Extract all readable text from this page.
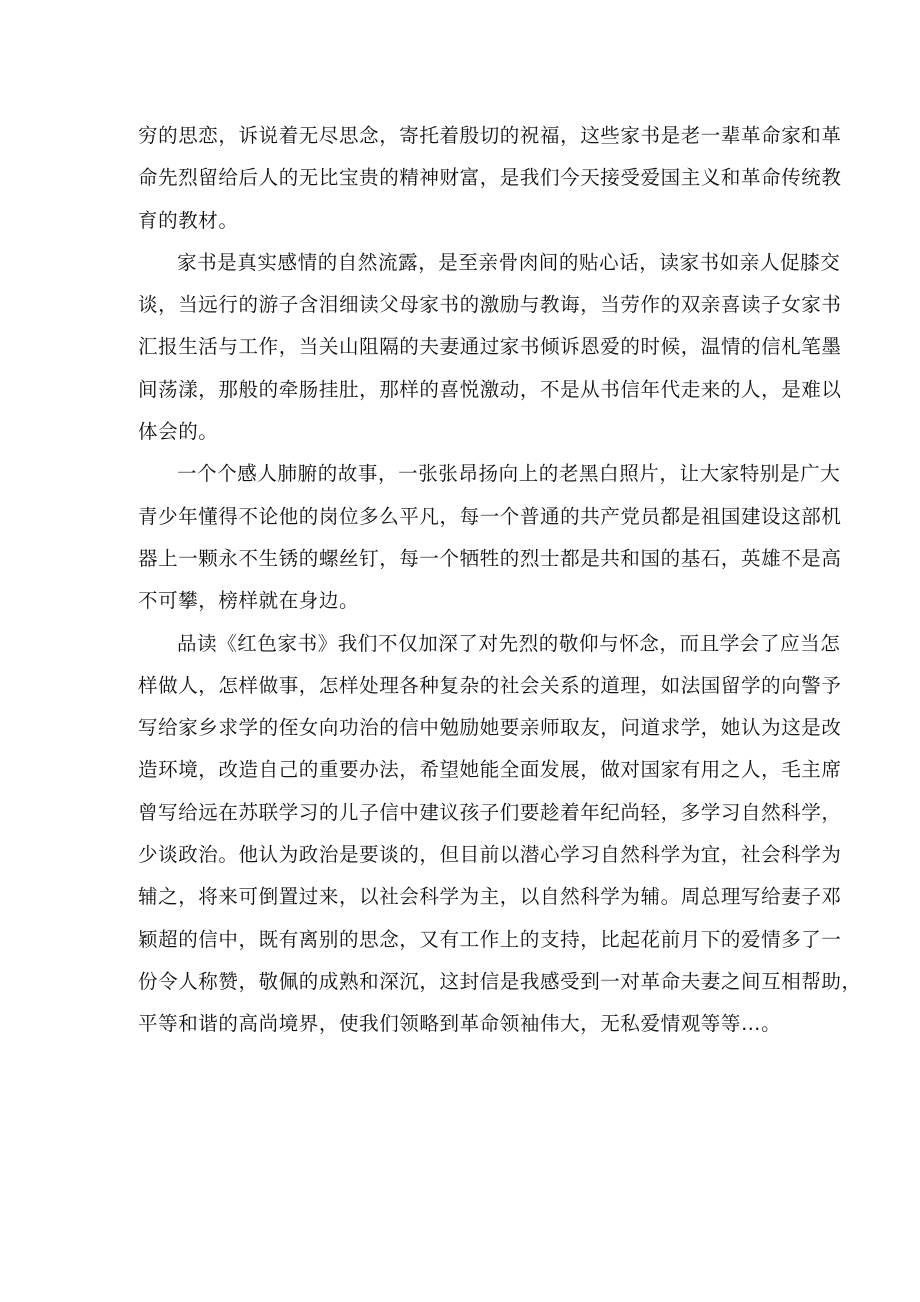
穷的思恋，诉说着无尽思念，寄托着殷切的祝福，这些家书是老一辈革命家和革
命先烈留给后人的无比宝贵的精神财富，是我们今天接受爱国主义和革命传统教
育的教材。

家书是真实感情的自然流露，是至亲骨肉间的贴心话，读家书如亲人促膝交
谈，当远行的游子含泪细读父母家书的激励与教诲，当劳作的双亲喜读子女家书
汇报生活与工作，当关山阻隔的夫妻通过家书倾诉恩爱的时候，温情的信札笔墨
间荡漾，那般的牵肠挂肚，那样的喜悦激动，不是从书信年代走来的人，是难以
体会的。

一个个感人肺腑的故事，一张张昂扬向上的老黑白照片，让大家特别是广大
青少年懂得不论他的岗位多么平凡，每一个普通的共产党员都是祖国建设这部机
器上一颗永不生锈的螺丝钉，每一个牺牲的烈士都是共和国的基石，英雄不是高
不可攀，榜样就在身边。

品读《红色家书》我们不仅加深了对先烈的敬仰与怀念，而且学会了应当怎
样做人，怎样做事，怎样处理各种复杂的社会关系的道理，如法国留学的向警予
写给家乡求学的侄女向功治的信中勉励她要亲师取友，问道求学，她认为这是改
造环境，改造自己的重要办法，希望她能全面发展，做对国家有用之人，毛主席
曾写给远在苏联学习的儿子信中建议孩子们要趁着年纪尚轻，多学习自然科学，
少谈政治。他认为政治是要谈的，但目前以潜心学习自然科学为宜，社会科学为
辅之，将来可倒置过来，以社会科学为主，以自然科学为辅。周总理写给妻子邓
颖超的信中，既有离别的思念，又有工作上的支持，比起花前月下的爱情多了一
份令人称赞，敬佩的成熟和深沉，这封信是我感受到一对革命夫妻之间互相帮助，
平等和谐的高尚境界，使我们领略到革命领袖伟大，无私爱情观等等…。
